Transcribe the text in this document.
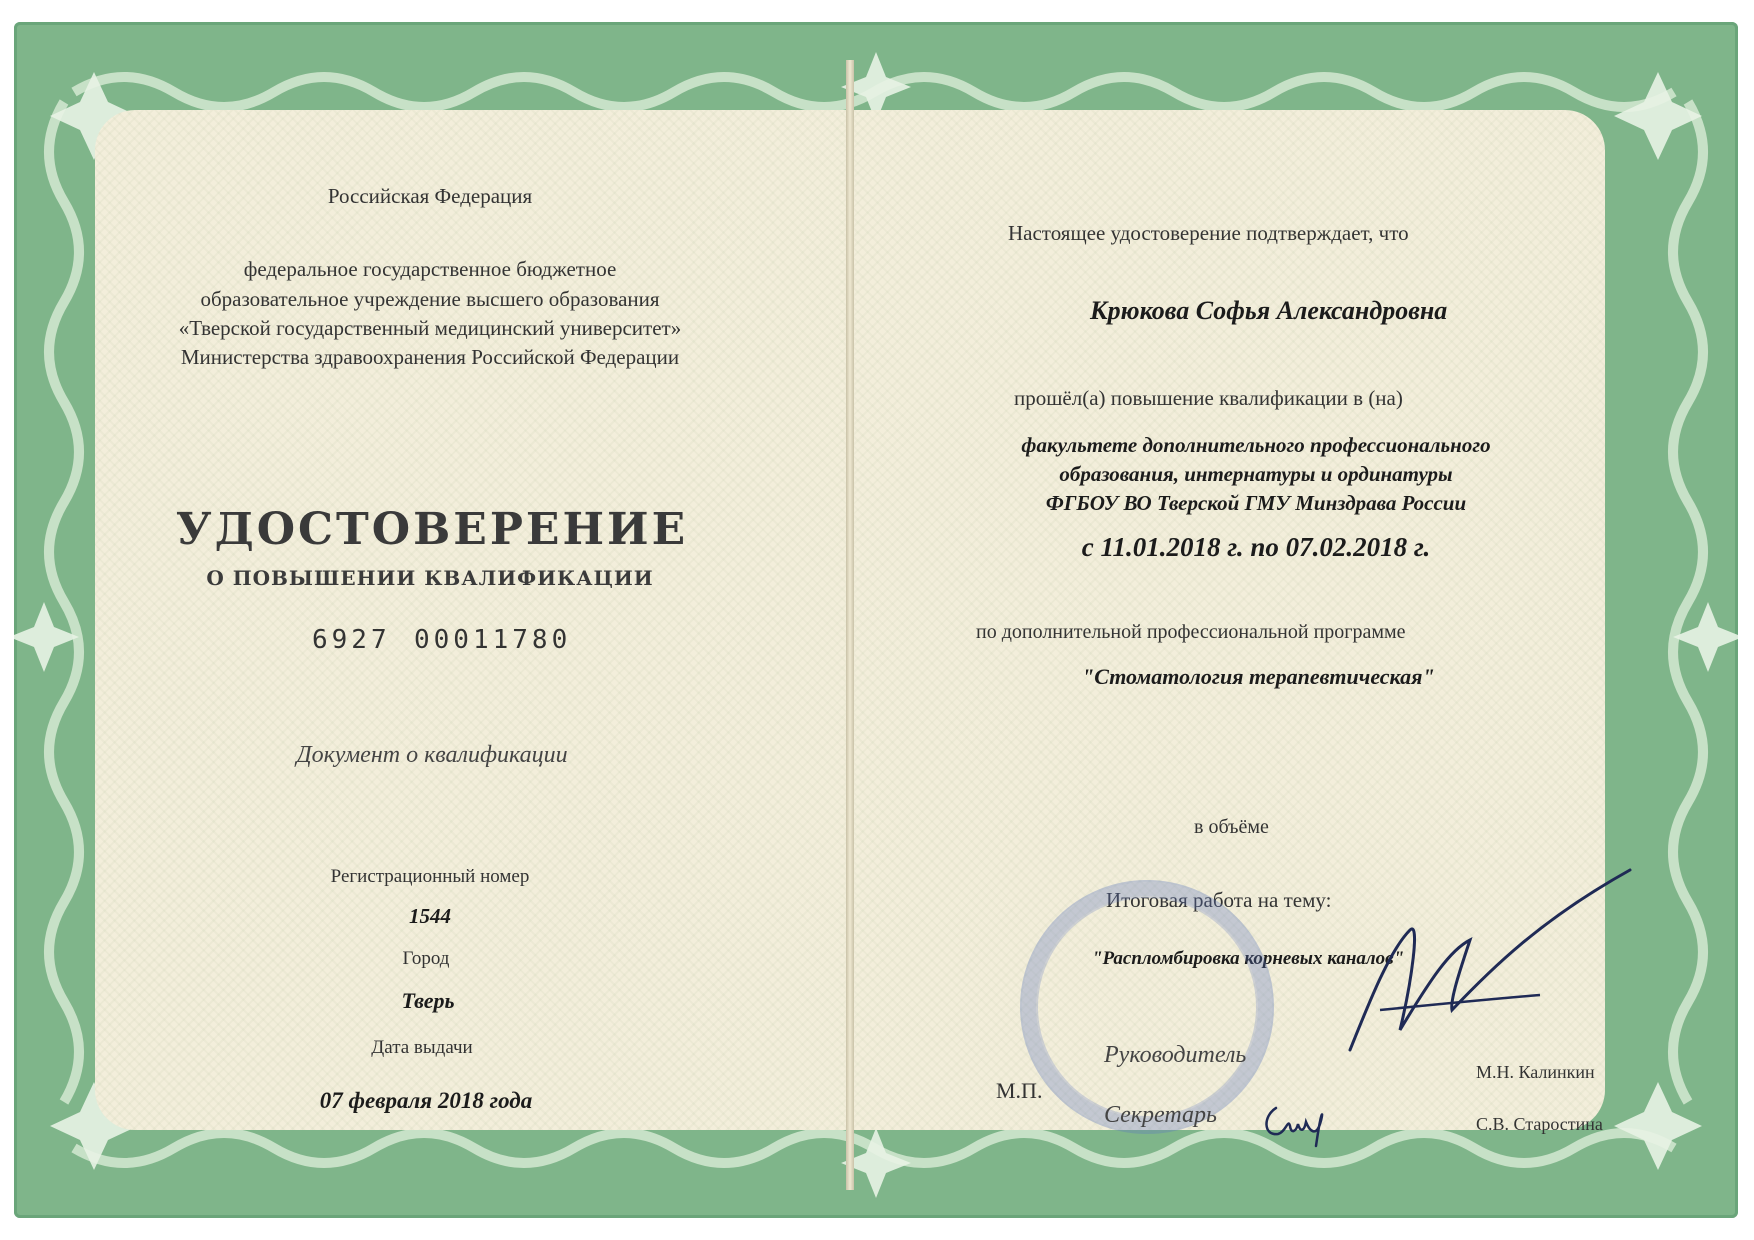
Российская Федерация
федеральное государственное бюджетное
образовательное учреждение высшего образования
«Тверской государственный медицинский университет»
Министерства здравоохранения Российской Федерации
УДОСТОВЕРЕНИЕ
О ПОВЫШЕНИИ КВАЛИФИКАЦИИ
6927 00011780
Документ о квалификации
Регистрационный номер
1544
Город
Тверь
Дата выдачи
07 февраля 2018 года
Настоящее удостоверение подтверждает, что
Крюкова Софья Александровна
прошёл(а) повышение квалификации в (на)
факультете дополнительного профессионального
образования, интернатуры и ординатуры
ФГБОУ ВО Тверской ГМУ Минздрава России
с 11.01.2018 г. по 07.02.2018 г.
по дополнительной профессиональной программе
"Стоматология терапевтическая"
в объёме
Итоговая работа на тему:
"Распломбировка корневых каналов"
Руководитель
М.Н. Калинкин
М.П.
Секретарь	С.В. Старостина
